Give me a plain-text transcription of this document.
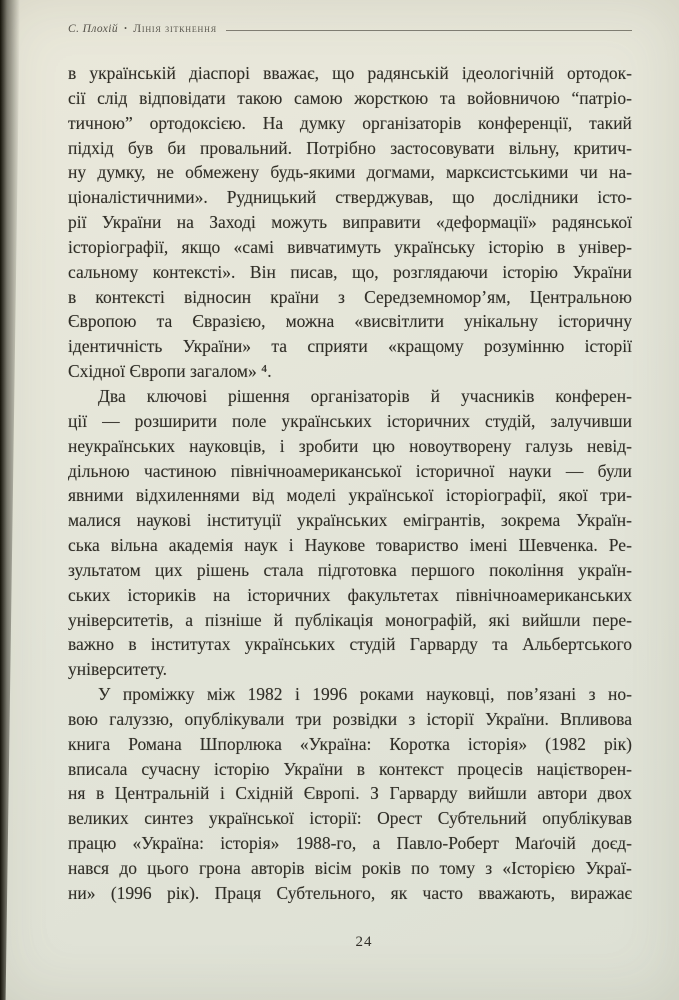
С. Плохій • Лінія зіткнення
в українській діаспорі вважає, що радянській ідеологічній ортодок-
сії слід відповідати такою самою жорсткою та войовничою “патріо-
тичною” ортодоксією. На думку організаторів конференції, такий
підхід був би провальний. Потрібно застосовувати вільну, критич-
ну думку, не обмежену будь-якими догмами, марксистськими чи на-
ціоналістичними». Рудницький стверджував, що дослідники істо-
рії України на Заході можуть виправити «деформації» радянської
історіографії, якщо «самі вивчатимуть українську історію в універ-
сальному контексті». Він писав, що, розглядаючи історію України
в контексті відносин країни з Середземномор’ям, Центральною
Європою та Євразією, можна «висвітлити унікальну історичну
ідентичність України» та сприяти «кращому розумінню історії
Східної Європи загалом» ⁴.
Два ключові рішення організаторів й учасників конферен-
ції — розширити поле українських історичних студій, залучивши
неукраїнських науковців, і зробити цю новоутворену галузь невід-
дільною частиною північноамериканської історичної науки — були
явними відхиленнями від моделі української історіографії, якої три-
малися наукові інституції українських емігрантів, зокрема Україн-
ська вільна академія наук і Наукове товариство імені Шевченка. Ре-
зультатом цих рішень стала підготовка першого покоління україн-
ських істориків на історичних факультетах північноамериканських
університетів, а пізніше й публікація монографій, які вийшли пере-
важно в інститутах українських студій Гарварду та Альбертського
університету.
У проміжку між 1982 і 1996 роками науковці, пов’язані з но-
вою галуззю, опублікували три розвідки з історії України. Впливова
книга Романа Шпорлюка «Україна: Коротка історія» (1982 рік)
вписала сучасну історію України в контекст процесів націєтворен-
ня в Центральній і Східній Європі. З Гарварду вийшли автори двох
великих синтез української історії: Орест Субтельний опублікував
працю «Україна: історія» 1988-го, а Павло-Роберт Маґочій доєд-
нався до цього грона авторів вісім років по тому з «Історією Украї-
ни» (1996 рік). Праця Субтельного, як часто вважають, виражає
24
